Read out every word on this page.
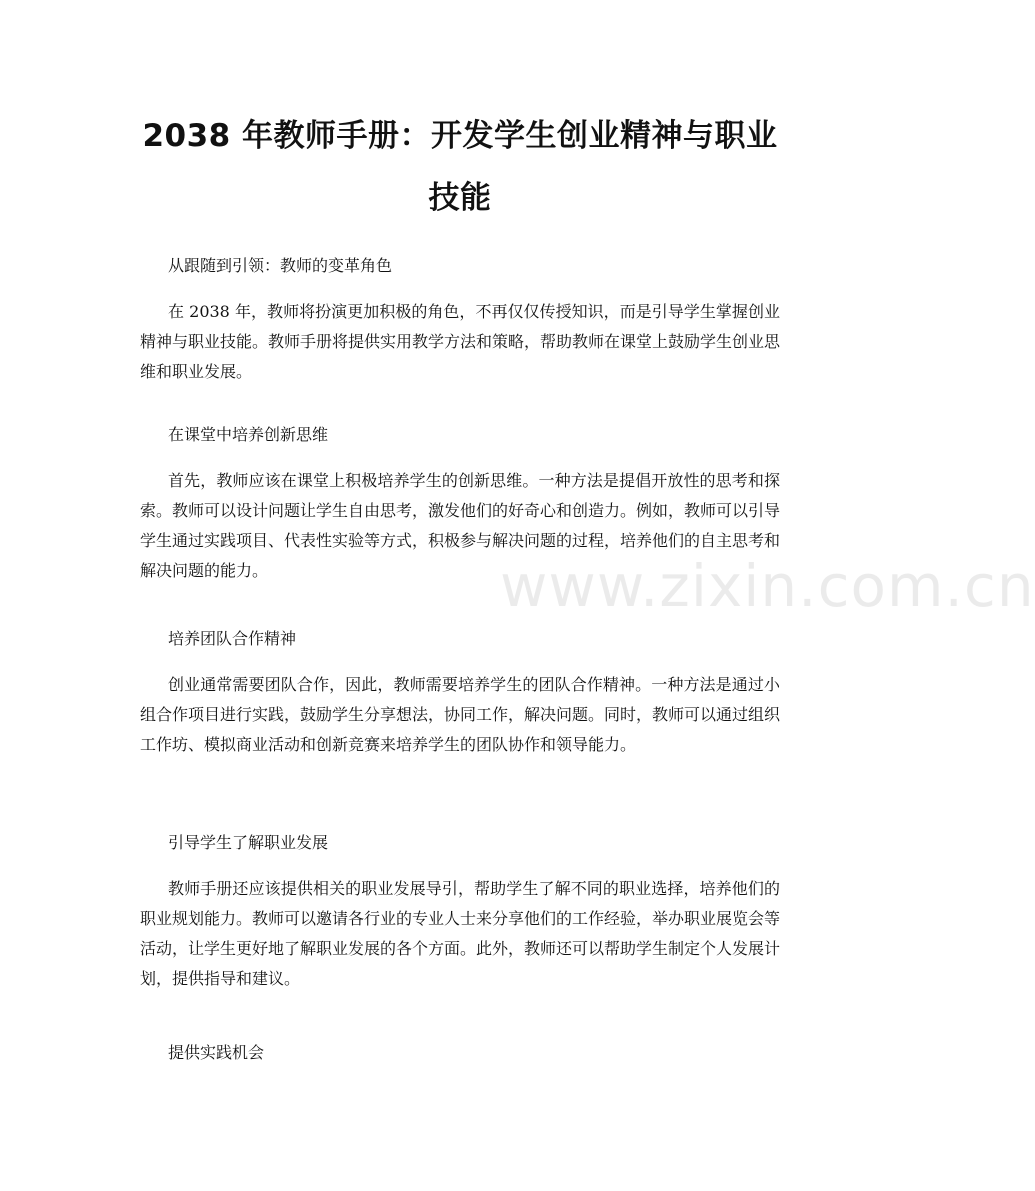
2038 年教师手册：开发学生创业精神与职业
技能
从跟随到引领：教师的变革角色
在 2038 年，教师将扮演更加积极的角色，不再仅仅传授知识，而是引导学生掌握创业精神与职业技能。教师手册将提供实用教学方法和策略，帮助教师在课堂上鼓励学生创业思维和职业发展。
在课堂中培养创新思维
首先，教师应该在课堂上积极培养学生的创新思维。一种方法是提倡开放性的思考和探索。教师可以设计问题让学生自由思考，激发他们的好奇心和创造力。例如，教师可以引导学生通过实践项目、代表性实验等方式，积极参与解决问题的过程，培养他们的自主思考和解决问题的能力。
培养团队合作精神
创业通常需要团队合作，因此，教师需要培养学生的团队合作精神。一种方法是通过小组合作项目进行实践，鼓励学生分享想法，协同工作，解决问题。同时，教师可以通过组织工作坊、模拟商业活动和创新竞赛来培养学生的团队协作和领导能力。
引导学生了解职业发展
教师手册还应该提供相关的职业发展导引，帮助学生了解不同的职业选择，培养他们的职业规划能力。教师可以邀请各行业的专业人士来分享他们的工作经验，举办职业展览会等活动，让学生更好地了解职业发展的各个方面。此外，教师还可以帮助学生制定个人发展计划，提供指导和建议。
提供实践机会
www.zixin.com.cn
